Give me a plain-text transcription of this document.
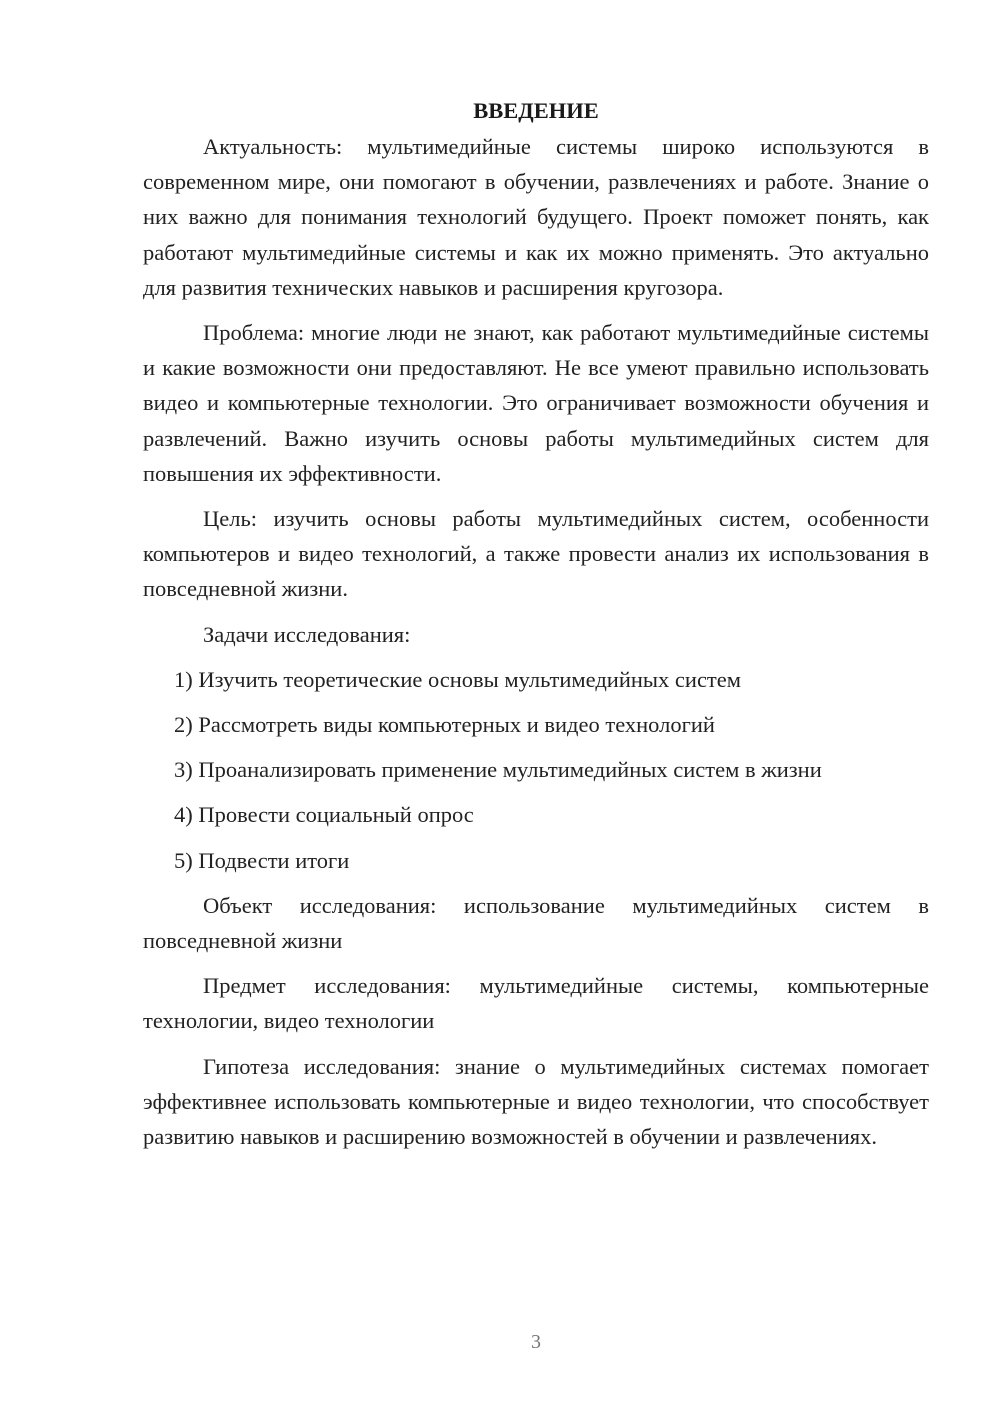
ВВЕДЕНИЕ

Актуальность: мультимедийные системы широко используются в современном мире, они помогают в обучении, развлечениях и работе. Знание о них важно для понимания технологий будущего. Проект поможет понять, как работают мультимедийные системы и как их можно применять. Это актуально для развития технических навыков и расширения кругозора.

Проблема: многие люди не знают, как работают мультимедийные системы и какие возможности они предоставляют. Не все умеют правильно использовать видео и компьютерные технологии. Это ограничивает возможности обучения и развлечений. Важно изучить основы работы мультимедийных систем для повышения их эффективности.

Цель: изучить основы работы мультимедийных систем, особенности компьютеров и видео технологий, а также провести анализ их использования в повседневной жизни.

Задачи исследования:

1) Изучить теоретические основы мультимедийных систем
2) Рассмотреть виды компьютерных и видео технологий
3) Проанализировать применение мультимедийных систем в жизни
4) Провести социальный опрос
5) Подвести итоги

Объект исследования: использование мультимедийных систем в повседневной жизни

Предмет исследования: мультимедийные системы, компьютерные технологии, видео технологии

Гипотеза исследования: знание о мультимедийных системах помогает эффективнее использовать компьютерные и видео технологии, что способствует развитию навыков и расширению возможностей в обучении и развлечениях.

3
